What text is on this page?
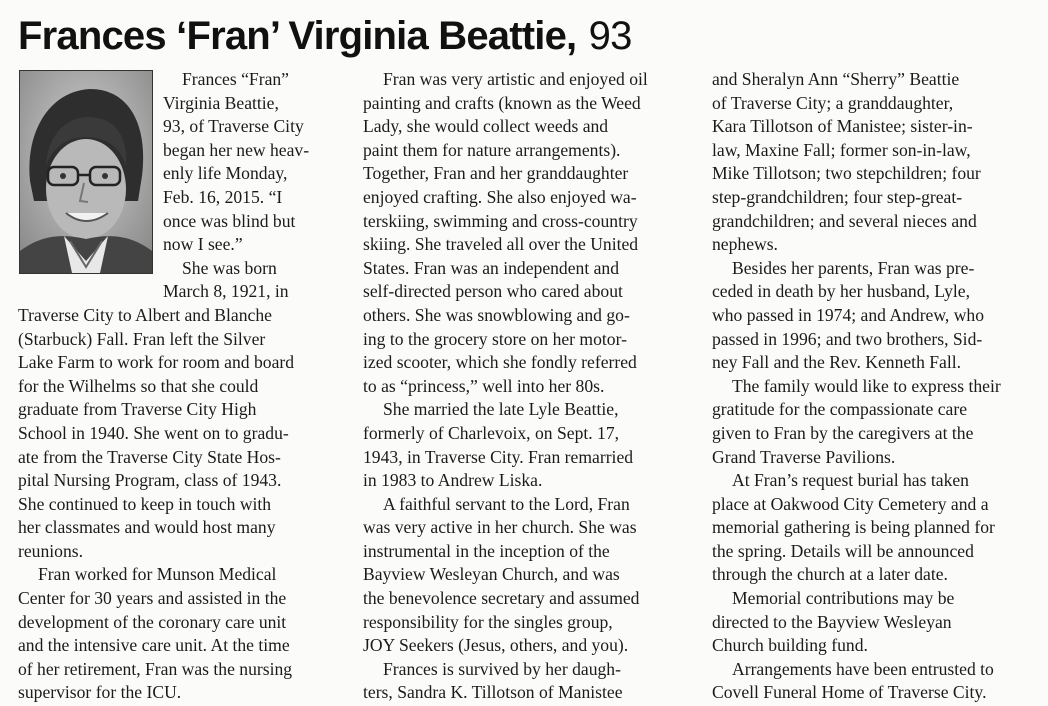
Frances ‘Fran’ Virginia Beattie, 93
Frances “Fran”
Virginia Beattie,
93, of Traverse City
began her new heav-
enly life Monday,
Feb. 16, 2015. “I
once was blind but
now I see.”
She was born
March 8, 1921, in
Traverse City to Albert and Blanche
(Starbuck) Fall. Fran left the Silver
Lake Farm to work for room and board
for the Wilhelms so that she could
graduate from Traverse City High
School in 1940. She went on to gradu-
ate from the Traverse City State Hos-
pital Nursing Program, class of 1943.
She continued to keep in touch with
her classmates and would host many
reunions.
Fran worked for Munson Medical
Center for 30 years and assisted in the
development of the coronary care unit
and the intensive care unit. At the time
of her retirement, Fran was the nursing
supervisor for the ICU.
Fran was very artistic and enjoyed oil
painting and crafts (known as the Weed
Lady, she would collect weeds and
paint them for nature arrangements).
Together, Fran and her granddaughter
enjoyed crafting. She also enjoyed wa-
terskiing, swimming and cross-country
skiing. She traveled all over the United
States. Fran was an independent and
self-directed person who cared about
others. She was snowblowing and go-
ing to the grocery store on her motor-
ized scooter, which she fondly referred
to as “princess,” well into her 80s.
She married the late Lyle Beattie,
formerly of Charlevoix, on Sept. 17,
1943, in Traverse City. Fran remarried
in 1983 to Andrew Liska.
A faithful servant to the Lord, Fran
was very active in her church. She was
instrumental in the inception of the
Bayview Wesleyan Church, and was
the benevolence secretary and assumed
responsibility for the singles group,
JOY Seekers (Jesus, others, and you).
Frances is survived by her daugh-
ters, Sandra K. Tillotson of Manistee
and Sheralyn Ann “Sherry” Beattie
of Traverse City; a granddaughter,
Kara Tillotson of Manistee; sister-in-
law, Maxine Fall; former son-in-law,
Mike Tillotson; two stepchildren; four
step-grandchildren; four step-great-
grandchildren; and several nieces and
nephews.
Besides her parents, Fran was pre-
ceded in death by her husband, Lyle,
who passed in 1974; and Andrew, who
passed in 1996; and two brothers, Sid-
ney Fall and the Rev. Kenneth Fall.
The family would like to express their
gratitude for the compassionate care
given to Fran by the caregivers at the
Grand Traverse Pavilions.
At Fran’s request burial has taken
place at Oakwood City Cemetery and a
memorial gathering is being planned for
the spring. Details will be announced
through the church at a later date.
Memorial contributions may be
directed to the Bayview Wesleyan
Church building fund.
Arrangements have been entrusted to
Covell Funeral Home of Traverse City.
